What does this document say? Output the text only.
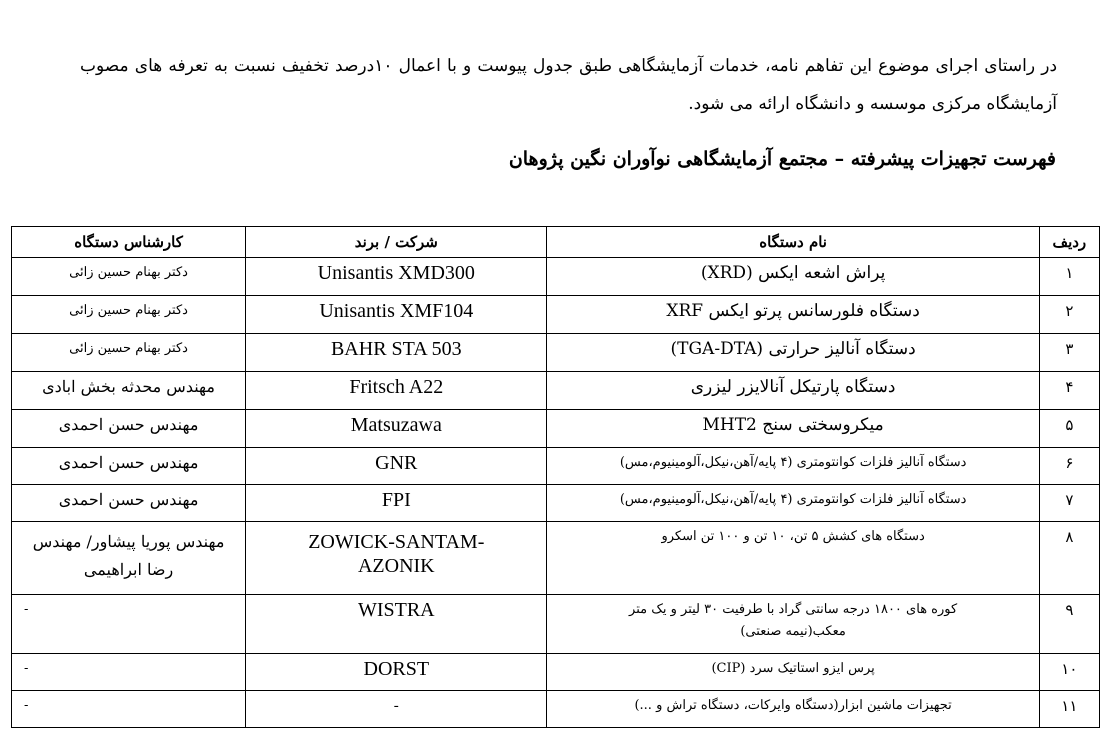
در راستای اجرای موضوع این تفاهم نامه، خدمات آزمایشگاهی طبق جدول پیوست و با اعمال ۱۰درصد تخفیف نسبت به تعرفه های مصوب آزمایشگاه مرکزی موسسه و دانشگاه ارائه می شود.

فهرست تجهیزات پیشرفته – مجتمع آزمایشگاهی نوآوران نگین پژوهان
ردیف	نام دستگاه	شرکت / برند	کارشناس دستگاه
۱	پراش اشعه ایکس (XRD)	Unisantis XMD300	دکتر بهنام حسین زائی
۲	دستگاه فلورسانس پرتو ایکس XRF	Unisantis XMF104	دکتر بهنام حسین زائی
۳	دستگاه آنالیز حرارتی (TGA-DTA)	BAHR STA 503	دکتر بهنام حسین زائی
۴	دستگاه پارتیکل آنالایزر لیزری	Fritsch A22	مهندس محدثه بخش ابادی
۵	میکروسختی سنج MHT2	Matsuzawa	مهندس حسن احمدی
۶	دستگاه آنالیز فلزات کوانتومتری (۴ پایه/آهن،نیکل،آلومینیوم،مس)	GNR	مهندس حسن احمدی
۷	دستگاه آنالیز فلزات کوانتومتری (۴ پایه/آهن،نیکل،آلومینیوم،مس)	FPI	مهندس حسن احمدی
۸	دستگاه های کشش ۵ تن، ۱۰ تن و ۱۰۰ تن اسکرو	ZOWICK-SANTAM-AZONIK	مهندس پوریا پیشاور/ مهندس رضا ابراهیمی
۹	کوره های ۱۸۰۰ درجه سانتی گراد با طرفیت ۳۰ لیتر و یک متر معکب(نیمه صنعتی)	WISTRA	-
۱۰	پرس ایزو استاتیک سرد (CIP)	DORST	-
۱۱	تجهیزات ماشین ابزار(دستگاه وایرکات، دستگاه تراش و ...)	-	-
